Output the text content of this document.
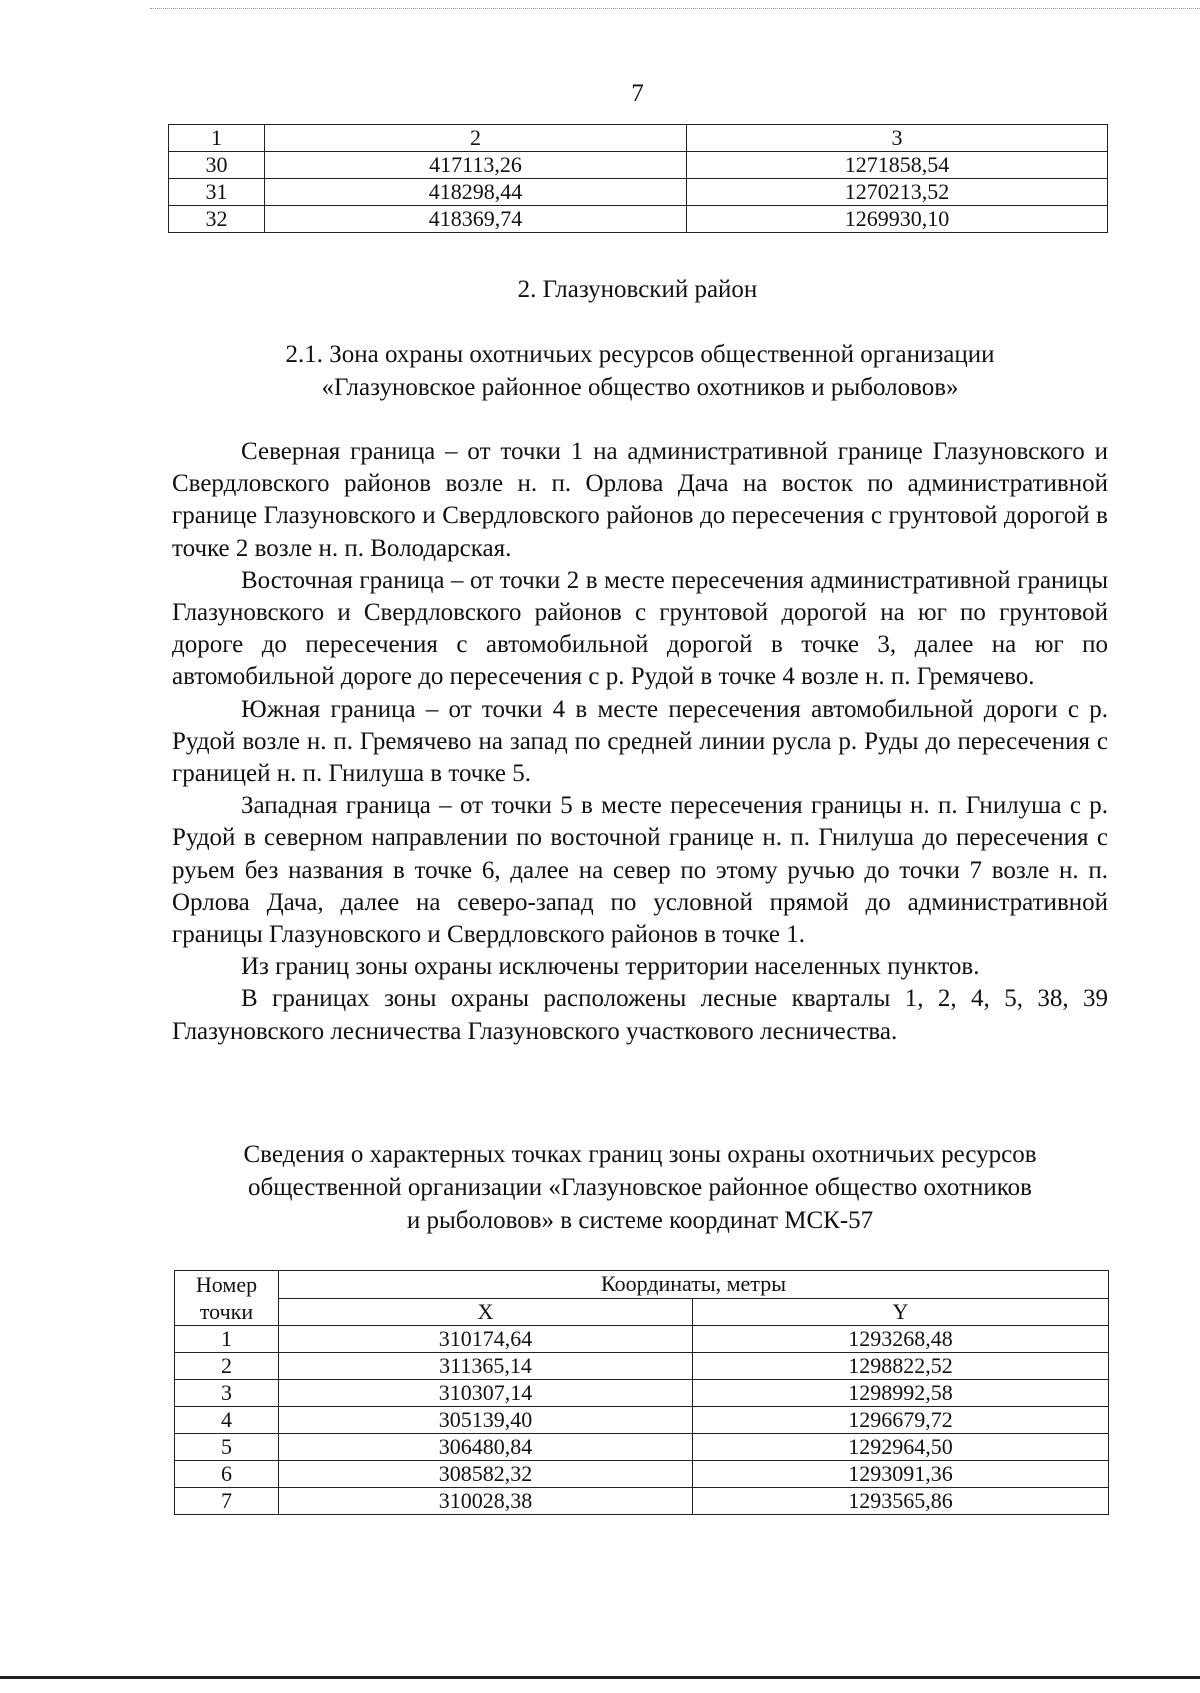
7
1	2	3
30	417113,26	1271858,54
31	418298,44	1270213,52
32	418369,74	1269930,10
2. Глазуновский район
2.1. Зона охраны охотничьих ресурсов общественной организации
«Глазуновское районное общество охотников и рыболовов»

Северная граница – от точки 1 на административной границе Глазуновского и Свердловского районов возле н. п. Орлова Дача на восток по административной границе Глазуновского и Свердловского районов до пересечения с грунтовой дорогой в точке 2 возле н. п. Володарская.

Восточная граница – от точки 2 в месте пересечения административной границы Глазуновского и Свердловского районов с грунтовой дорогой на юг по грунтовой дороге до пересечения с автомобильной дорогой в точке 3, далее на юг по автомобильной дороге до пересечения с р. Рудой в точке 4 возле н. п. Гремячево.

Южная граница – от точки 4 в месте пересечения автомобильной дороги с р. Рудой возле н. п. Гремячево на запад по средней линии русла р. Руды до пересечения с границей н. п. Гнилуша в точке 5.

Западная граница – от точки 5 в месте пересечения границы н. п. Гнилуша с р. Рудой в северном направлении по восточной границе н. п. Гнилуша до пересечения с руьем без названия в точке 6, далее на север по этому ручью до точки 7 возле н. п. Орлова Дача, далее на северо-запад по условной прямой до административной границы Глазуновского и Свердловского районов в точке 1.

Из границ зоны охраны исключены территории населенных пунктов.

В границах зоны охраны расположены лесные кварталы 1, 2, 4, 5, 38, 39 Глазуновского лесничества Глазуновского участкового лесничества.

Сведения о характерных точках границ зоны охраны охотничьих ресурсов
общественной организации «Глазуновское районное общество охотников
и рыболовов» в системе координат МСК-57
Номер
точки	Координаты, метры	
	X	Y
1	310174,64	1293268,48
2	311365,14	1298822,52
3	310307,14	1298992,58
4	305139,40	1296679,72
5	306480,84	1292964,50
6	308582,32	1293091,36
7	310028,38	1293565,86
